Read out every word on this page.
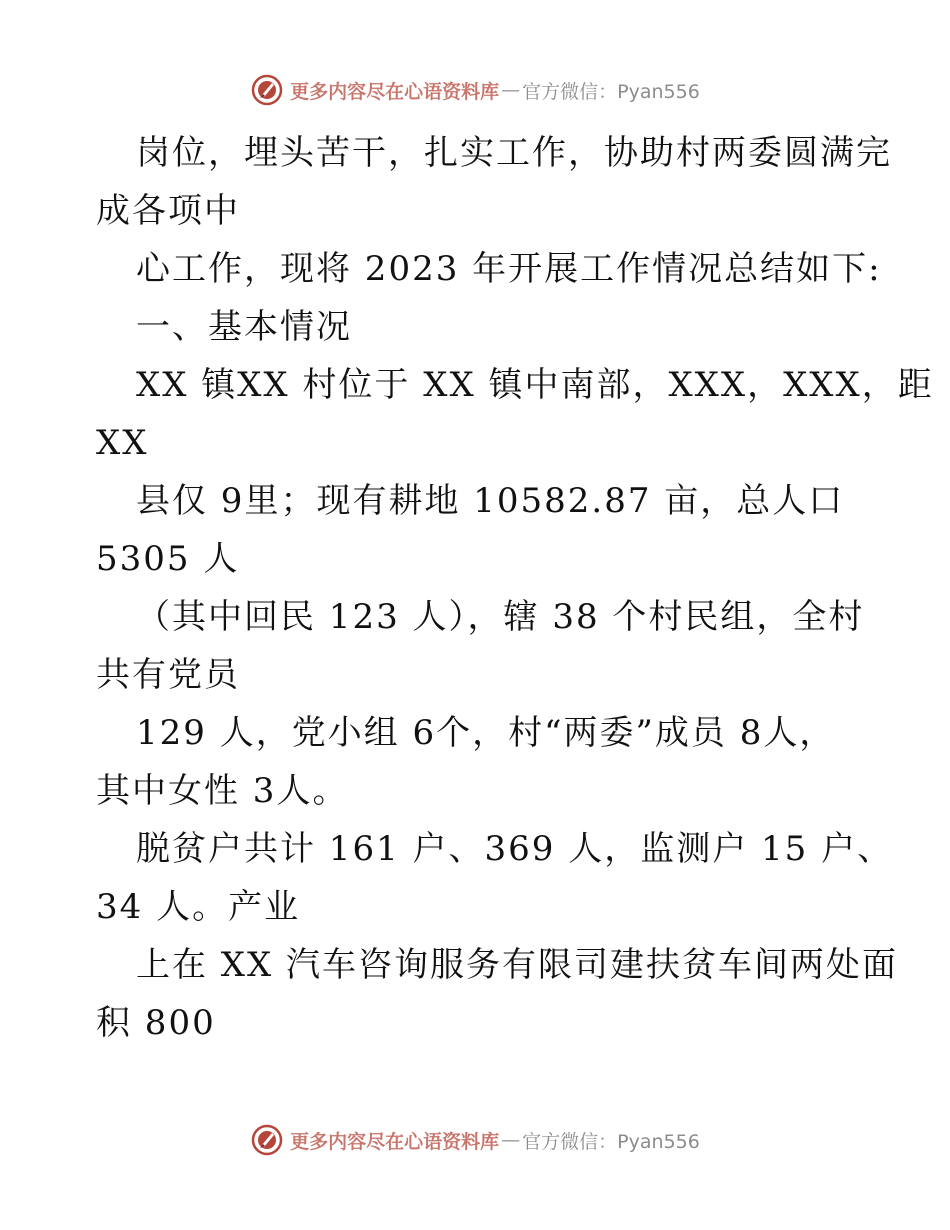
更多内容尽在心语资料库 — 官方微信：Pyan556
岗位，埋头苦干，扎实工作，协助村两委圆满完
成各项中
心工作，现将 2023 年开展工作情况总结如下:
一、基本情况
XX 镇XX 村位于 XX 镇中南部，XXX，XXX，距
XX
县仅 9里；现有耕地 10582.87 亩，总人口
5305 人
（其中回民 123 人），辖 38 个村民组，全村
共有党员
129 人，党小组 6个，村“两委”成员 8人，
其中女性 3人。
脱贫户共计 161 户、369 人，监测户 15 户、
34 人。产业
上在 XX 汽车咨询服务有限司建扶贫车间两处面
积 800
更多内容尽在心语资料库 — 官方微信：Pyan556
